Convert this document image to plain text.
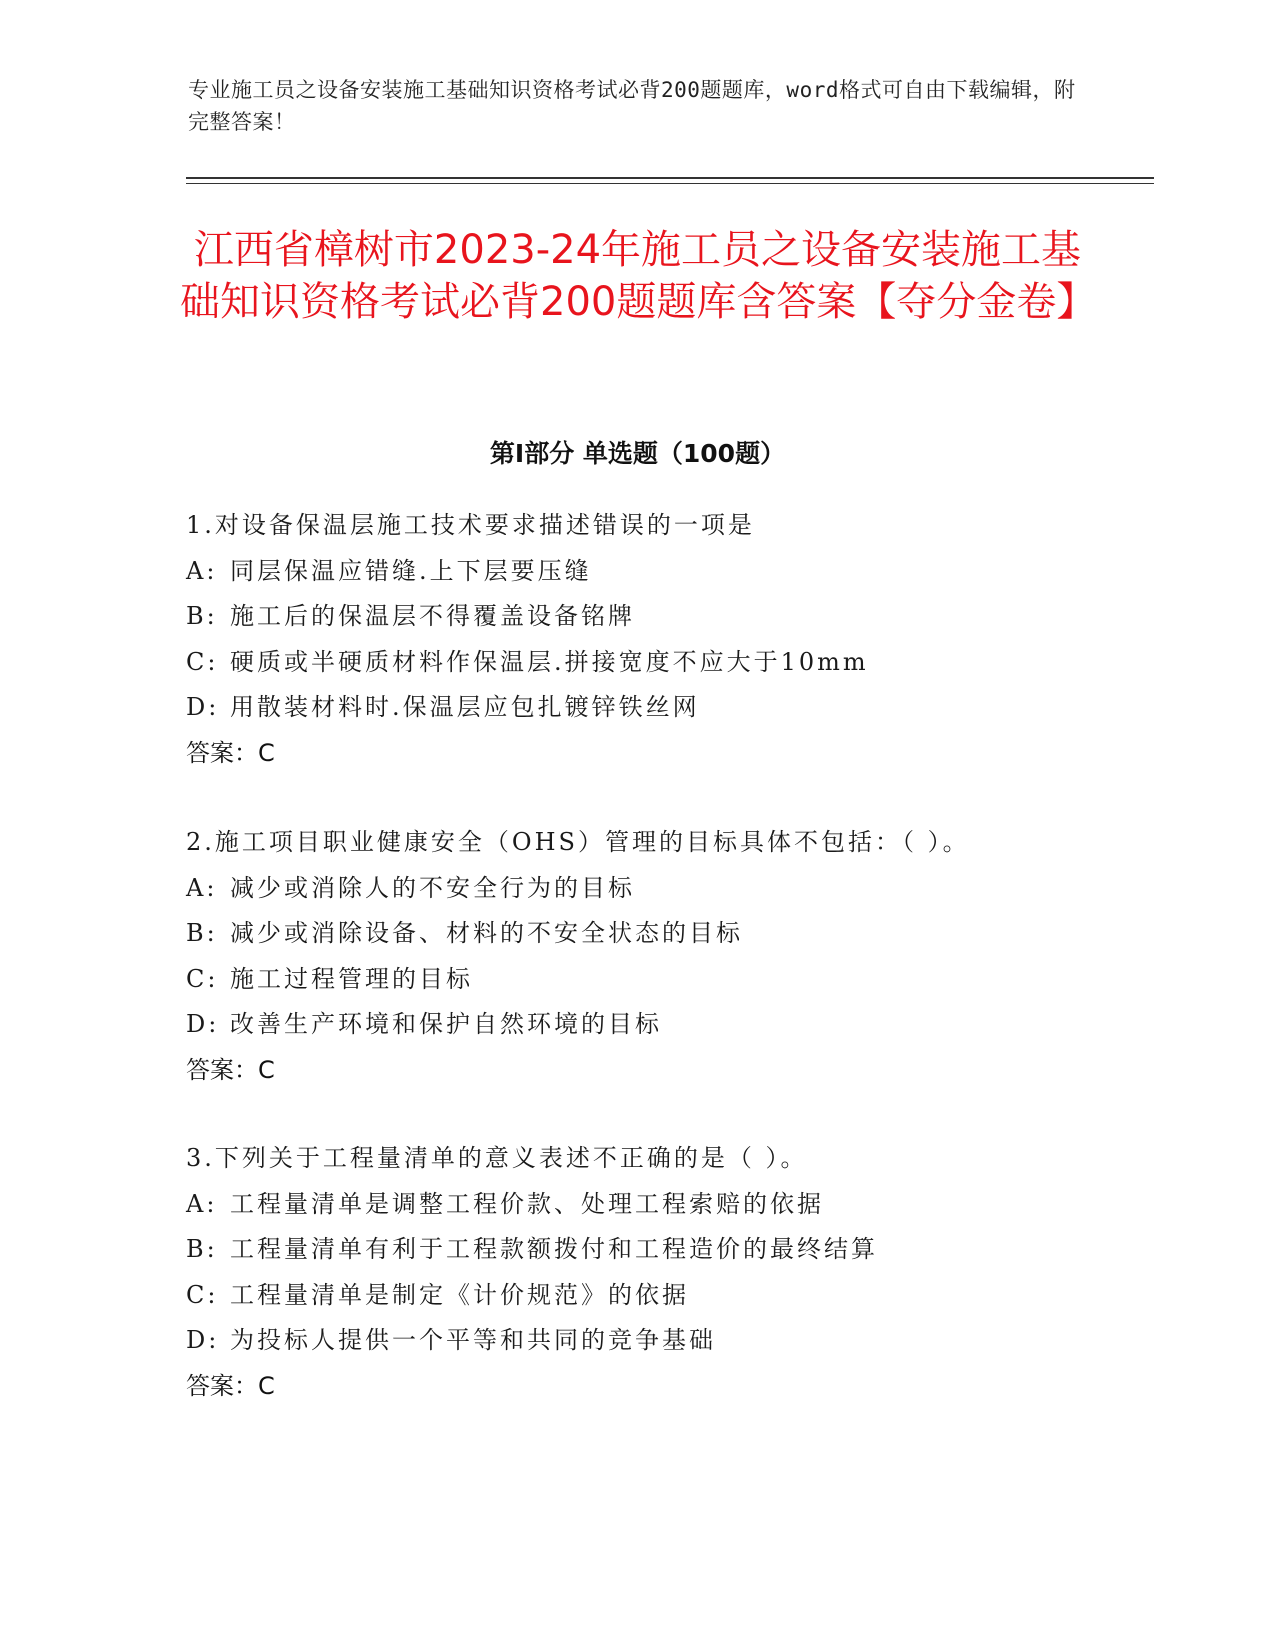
专业施工员之设备安装施工基础知识资格考试必背200题题库，word格式可自由下载编辑，附完整答案！
江西省樟树市2023-24年施工员之设备安装施工基础知识资格考试必背200题题库含答案【夺分金卷】
第Ⅰ部分 单选题（100题）
1.对设备保温层施工技术要求描述错误的一项是
A: 同层保温应错缝.上下层要压缝
B: 施工后的保温层不得覆盖设备铭牌
C: 硬质或半硬质材料作保温层.拼接宽度不应大于10mm
D: 用散装材料时.保温层应包扎镀锌铁丝网
答案：C
2.施工项目职业健康安全（OHS）管理的目标具体不包括：（ ）。
A: 减少或消除人的不安全行为的目标
B: 减少或消除设备、材料的不安全状态的目标
C: 施工过程管理的目标
D: 改善生产环境和保护自然环境的目标
答案：C
3.下列关于工程量清单的意义表述不正确的是（ ）。
A: 工程量清单是调整工程价款、处理工程索赔的依据
B: 工程量清单有利于工程款额拨付和工程造价的最终结算
C: 工程量清单是制定《计价规范》的依据
D: 为投标人提供一个平等和共同的竞争基础
答案：C
